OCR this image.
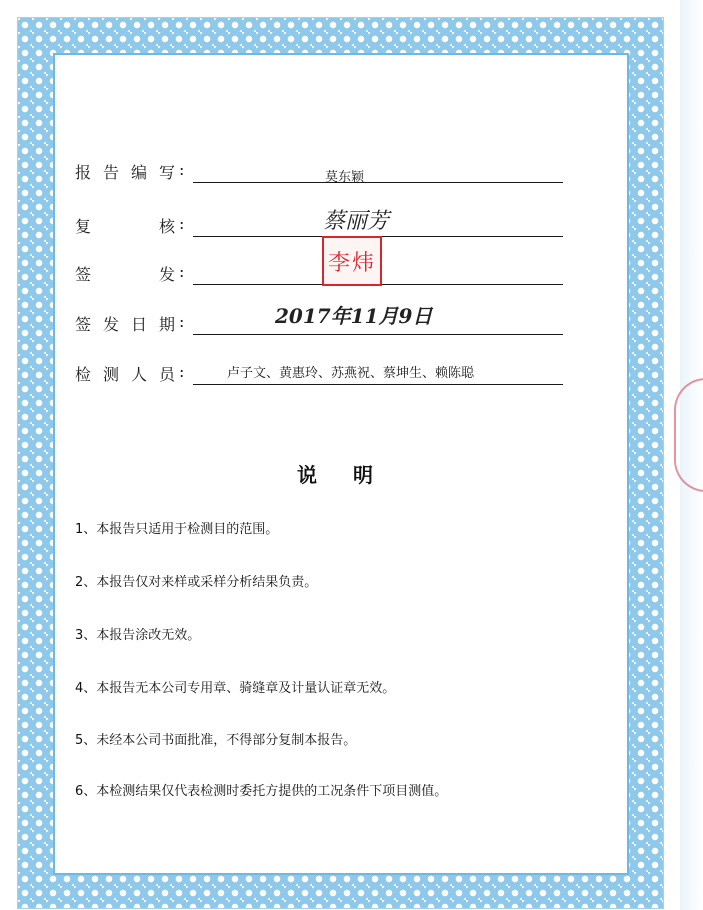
报 告 编 写 :	莫东颖
复	核 :	蔡丽芳
签	发 :	李炜
签 发 日 期 :	2017年11月9日
检 测 人 员 :	卢子文、黄惠玲、苏燕祝、蔡坤生、赖陈聪
说明
1、本报告只适用于检测目的范围。
2、本报告仅对来样或采样分析结果负责。
3、本报告涂改无效。
4、本报告无本公司专用章、骑缝章及计量认证章无效。
5、未经本公司书面批准，不得部分复制本报告。
6、本检测结果仅代表检测时委托方提供的工况条件下项目测值。
